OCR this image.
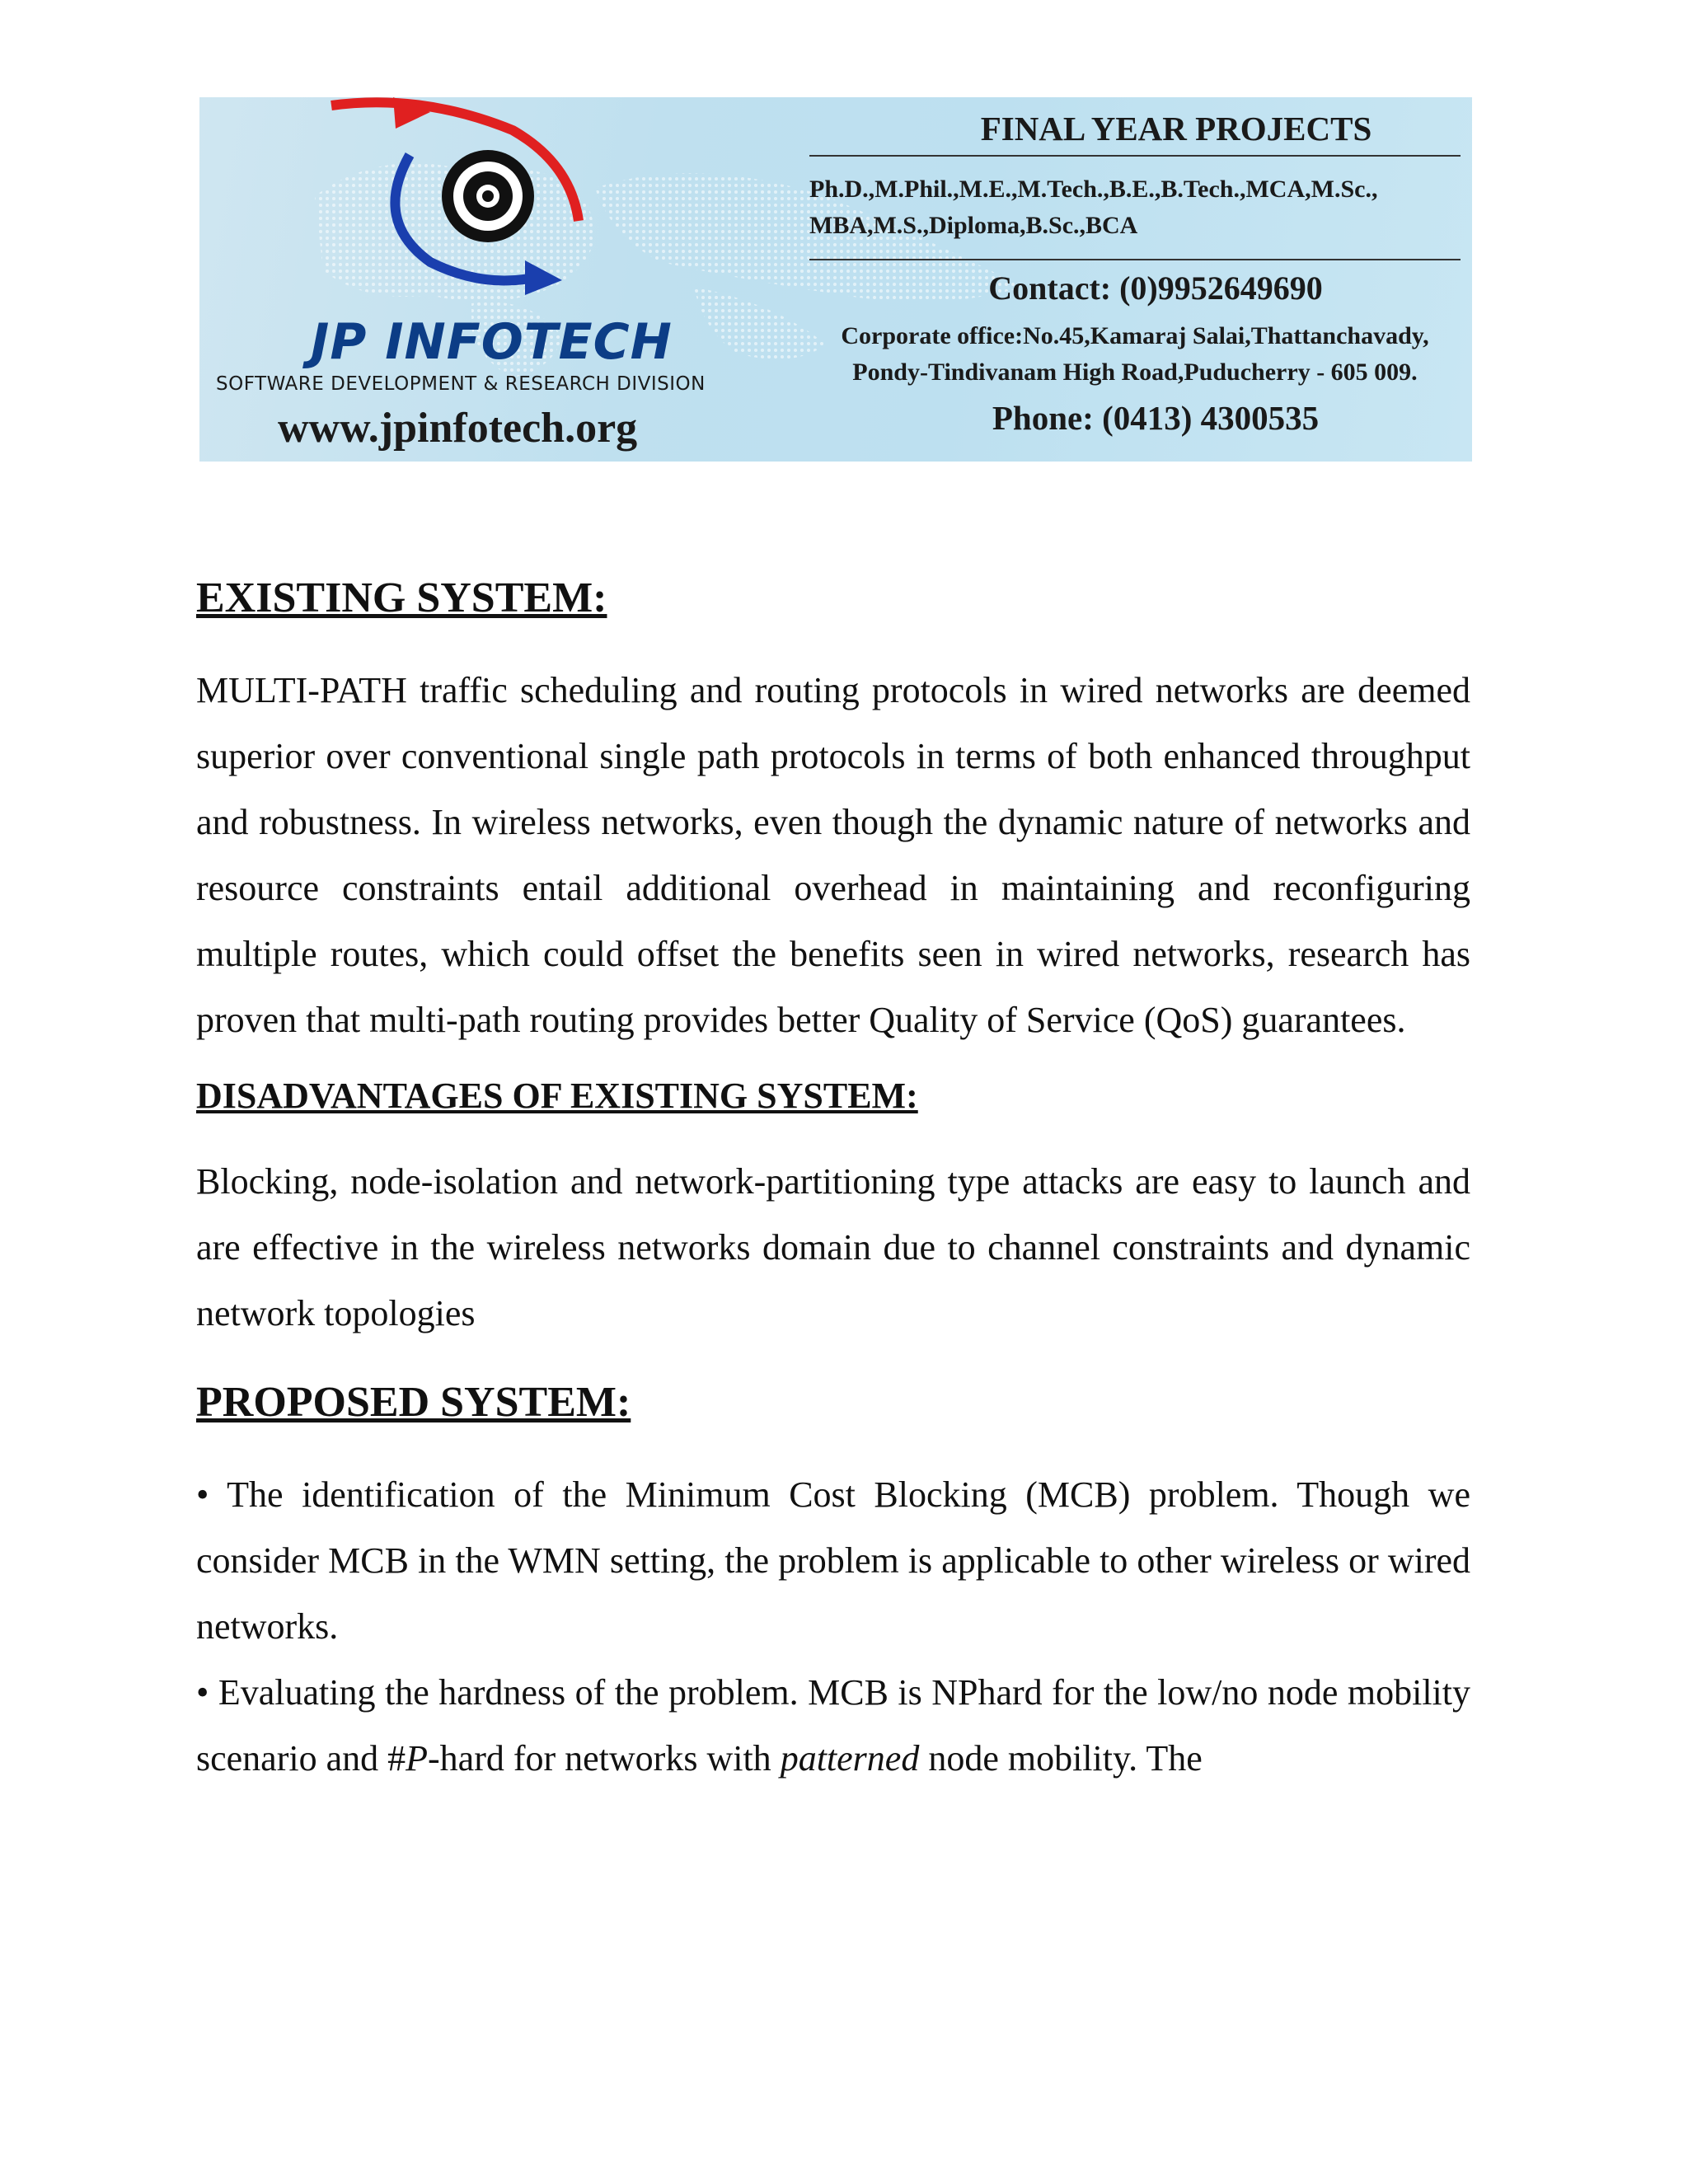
JP INFOTECH
SOFTWARE DEVELOPMENT & RESEARCH DIVISION
www.jpinfotech.org
FINAL YEAR PROJECTS
Ph.D.,M.Phil.,M.E.,M.Tech.,B.E.,B.Tech.,MCA,M.Sc.,
MBA,M.S.,Diploma,B.Sc.,BCA
Contact: (0)9952649690
Corporate office:No.45,Kamaraj Salai,Thattanchavady,
Pondy-Tindivanam High Road,Puducherry - 605 009.
Phone: (0413) 4300535
EXISTING SYSTEM:

MULTI-PATH traffic scheduling and routing protocols in wired networks are deemed superior over conventional single path protocols in terms of both enhanced throughput and robustness. In wireless networks, even though the dynamic nature of networks and resource constraints entail additional overhead in maintaining and reconfiguring multiple routes, which could offset the benefits seen in wired networks, research has proven that multi-path routing provides better Quality of Service (QoS) guarantees.

DISADVANTAGES OF EXISTING SYSTEM:

Blocking, node-isolation and network-partitioning type attacks are easy to launch and are effective in the wireless networks domain due to channel constraints and dynamic network topologies

PROPOSED SYSTEM:

• The identification of the Minimum Cost Blocking (MCB) problem. Though we consider MCB in the WMN setting, the problem is applicable to other wireless or wired networks.

• Evaluating the hardness of the problem. MCB is NPhard for the low/no node mobility scenario and #P-hard for networks with patterned node mobility. The
